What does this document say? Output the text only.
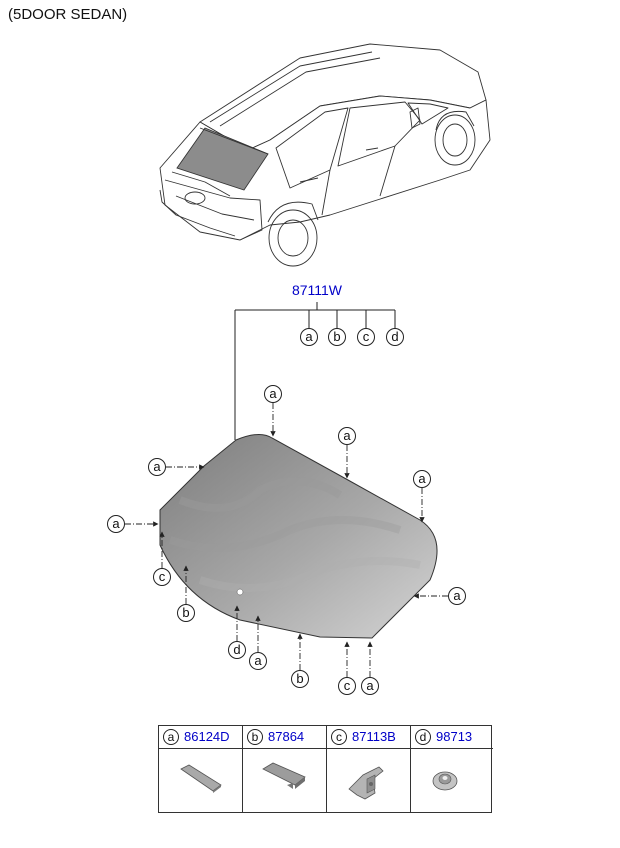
(5DOOR SEDAN)
87111W
a	b	c	d
a
a
a
a
a
c
b
a
d
a
b	c	a
a 86124D	b 87864	c 87113B	d 98713
